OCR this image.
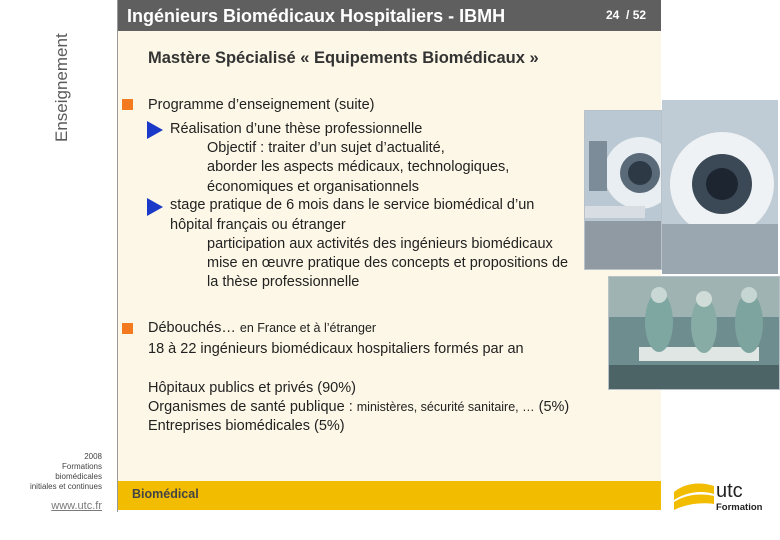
Enseignement
2008
Formations
biomédicales
initiales et continues
www.utc.fr
Ingénieurs Biomédicaux Hospitaliers - IBMH	24 / 52
Mastère Spécialisé « Equipements Biomédicaux »
Programme d’enseignement (suite)
Réalisation d’une thèse professionnelle
Objectif : traiter d’un sujet d’actualité,
aborder les aspects médicaux, technologiques,
économiques et organisationnels
stage pratique de 6 mois dans le service biomédical d’un
hôpital français ou étranger
participation aux activités des ingénieurs biomédicaux
mise en œuvre pratique des concepts et propositions de
la thèse professionnelle
Débouchés… en France et à l’étranger
18 à 22 ingénieurs biomédicaux hospitaliers formés par an
Hôpitaux publics et privés (90%)
Organismes de santé publique : ministères, sécurité sanitaire, … (5%)
Entreprises biomédicales (5%)
Biomédical	utc
Formation
